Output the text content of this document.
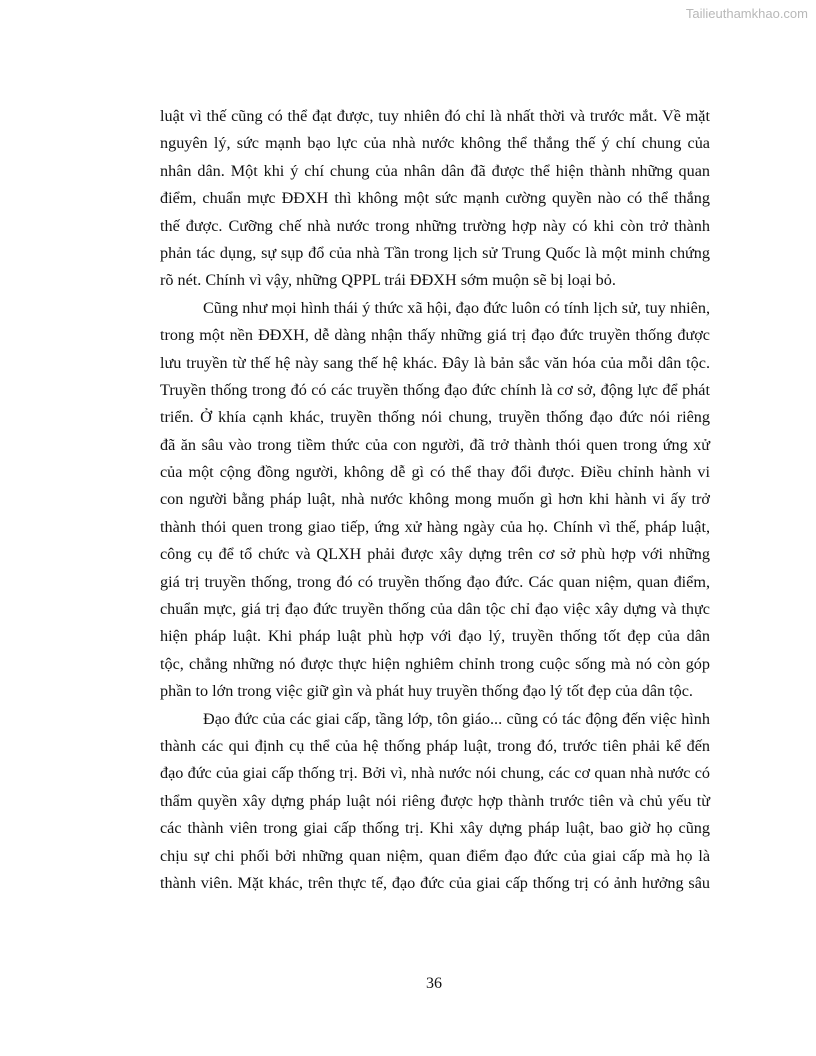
Tailieuthamkhao.com
luật vì thế cũng có thể đạt được, tuy nhiên đó chỉ là nhất thời và trước mắt. Về mặt
nguyên lý, sức mạnh bạo lực của nhà nước không thể thắng thế ý chí chung của
nhân dân. Một khi ý chí chung của nhân dân đã được thể hiện thành những quan
điểm, chuẩn mực ĐĐXH thì không một sức mạnh cường quyền nào có thể thắng
thế được. Cưỡng chế nhà nước trong những trường hợp này có khi còn trở thành
phản tác dụng, sự sụp đổ của nhà Tần trong lịch sử Trung Quốc là một minh chứng
rõ nét. Chính vì vậy, những QPPL trái ĐĐXH sớm muộn sẽ bị loại bỏ.
Cũng như mọi hình thái ý thức xã hội, đạo đức luôn có tính lịch sử, tuy nhiên,
trong một nền ĐĐXH, dễ dàng nhận thấy những giá trị đạo đức truyền thống được
lưu truyền từ thế hệ này sang thế hệ khác. Đây là bản sắc văn hóa của mỗi dân tộc.
Truyền thống trong đó có các truyền thống đạo đức chính là cơ sở, động lực để phát
triển. Ở khía cạnh khác, truyền thống nói chung, truyền thống đạo đức nói riêng
đã ăn sâu vào trong tiềm thức của con người, đã trở thành thói quen trong ứng xử
của một cộng đồng người, không dễ gì có thể thay đổi được. Điều chỉnh hành vi
con người bằng pháp luật, nhà nước không mong muốn gì hơn khi hành vi ấy trở
thành thói quen trong giao tiếp, ứng xử hàng ngày của họ. Chính vì thế, pháp luật,
công cụ để tổ chức và QLXH phải được xây dựng trên cơ sở phù hợp với những
giá trị truyền thống, trong đó có truyền thống đạo đức. Các quan niệm, quan điểm,
chuẩn mực, giá trị đạo đức truyền thống của dân tộc chỉ đạo việc xây dựng và thực
hiện pháp luật. Khi pháp luật phù hợp với đạo lý, truyền thống tốt đẹp của dân
tộc, chẳng những nó được thực hiện nghiêm chỉnh trong cuộc sống mà nó còn góp
phần to lớn trong việc giữ gìn và phát huy truyền thống đạo lý tốt đẹp của dân tộc.
Đạo đức của các giai cấp, tầng lớp, tôn giáo... cũng có tác động đến việc hình
thành các qui định cụ thể của hệ thống pháp luật, trong đó, trước tiên phải kể đến
đạo đức của giai cấp thống trị. Bởi vì, nhà nước nói chung, các cơ quan nhà nước có
thẩm quyền xây dựng pháp luật nói riêng được hợp thành trước tiên và chủ yếu từ
các thành viên trong giai cấp thống trị. Khi xây dựng pháp luật, bao giờ họ cũng
chịu sự chi phối bởi những quan niệm, quan điểm đạo đức của giai cấp mà họ là
thành viên. Mặt khác, trên thực tế, đạo đức của giai cấp thống trị có ảnh hưởng sâu
36
